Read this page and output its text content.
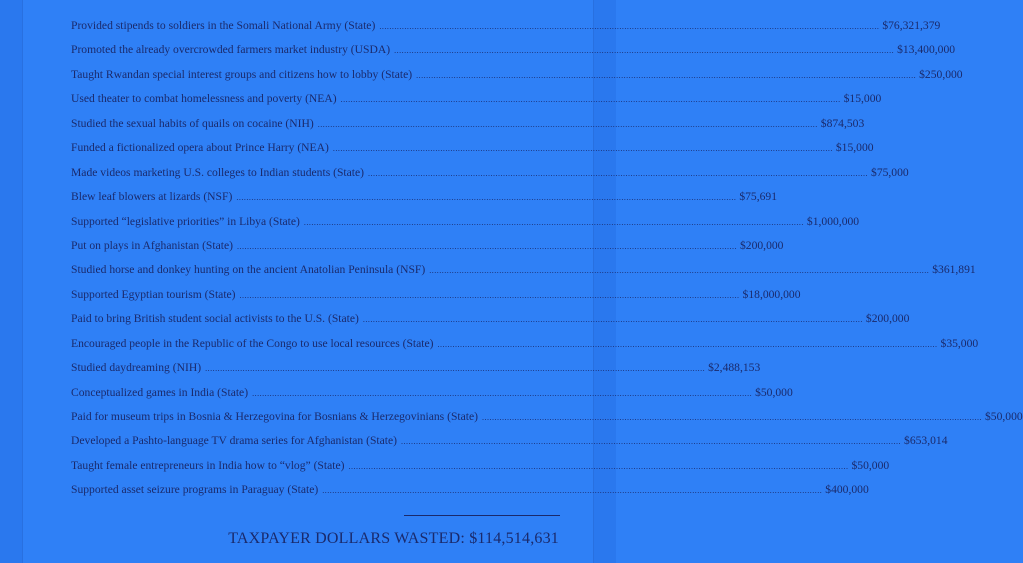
Provided stipends to soldiers in the Somali National Army (State) ........................................................................................................................................................................................................ $76,321,379
Promoted the already overcrowded farmers market industry (USDA) ........................................................................................................................................................................................................ $13,400,000
Taught Rwandan special interest groups and citizens how to lobby (State) ........................................................................................................................................................................................................ $250,000
Used theater to combat homelessness and poverty (NEA) ........................................................................................................................................................................................................ $15,000
Studied the sexual habits of quails on cocaine (NIH) ........................................................................................................................................................................................................ $874,503
Funded a fictionalized opera about Prince Harry (NEA) ........................................................................................................................................................................................................ $15,000
Made videos marketing U.S. colleges to Indian students (State) ........................................................................................................................................................................................................ $75,000
Blew leaf blowers at lizards (NSF) ........................................................................................................................................................................................................ $75,691
Supported “legislative priorities” in Libya (State) ........................................................................................................................................................................................................ $1,000,000
Put on plays in Afghanistan (State) ........................................................................................................................................................................................................ $200,000
Studied horse and donkey hunting on the ancient Anatolian Peninsula (NSF) ........................................................................................................................................................................................................ $361,891
Supported Egyptian tourism (State) ........................................................................................................................................................................................................ $18,000,000
Paid to bring British student social activists to the U.S. (State) ........................................................................................................................................................................................................ $200,000
Encouraged people in the Republic of the Congo to use local resources (State) ........................................................................................................................................................................................................ $35,000
Studied daydreaming (NIH) ........................................................................................................................................................................................................ $2,488,153
Conceptualized games in India (State) ........................................................................................................................................................................................................ $50,000
Paid for museum trips in Bosnia & Herzegovina for Bosnians & Herzegovinians (State) ........................................................................................................................................................................................................ $50,000
Developed a Pashto-language TV drama series for Afghanistan (State) ........................................................................................................................................................................................................ $653,014
Taught female entrepreneurs in India how to “vlog” (State) ........................................................................................................................................................................................................ $50,000
Supported asset seizure programs in Paraguay (State) ........................................................................................................................................................................................................ $400,000
TAXPAYER DOLLARS WASTED: $114,514,631
